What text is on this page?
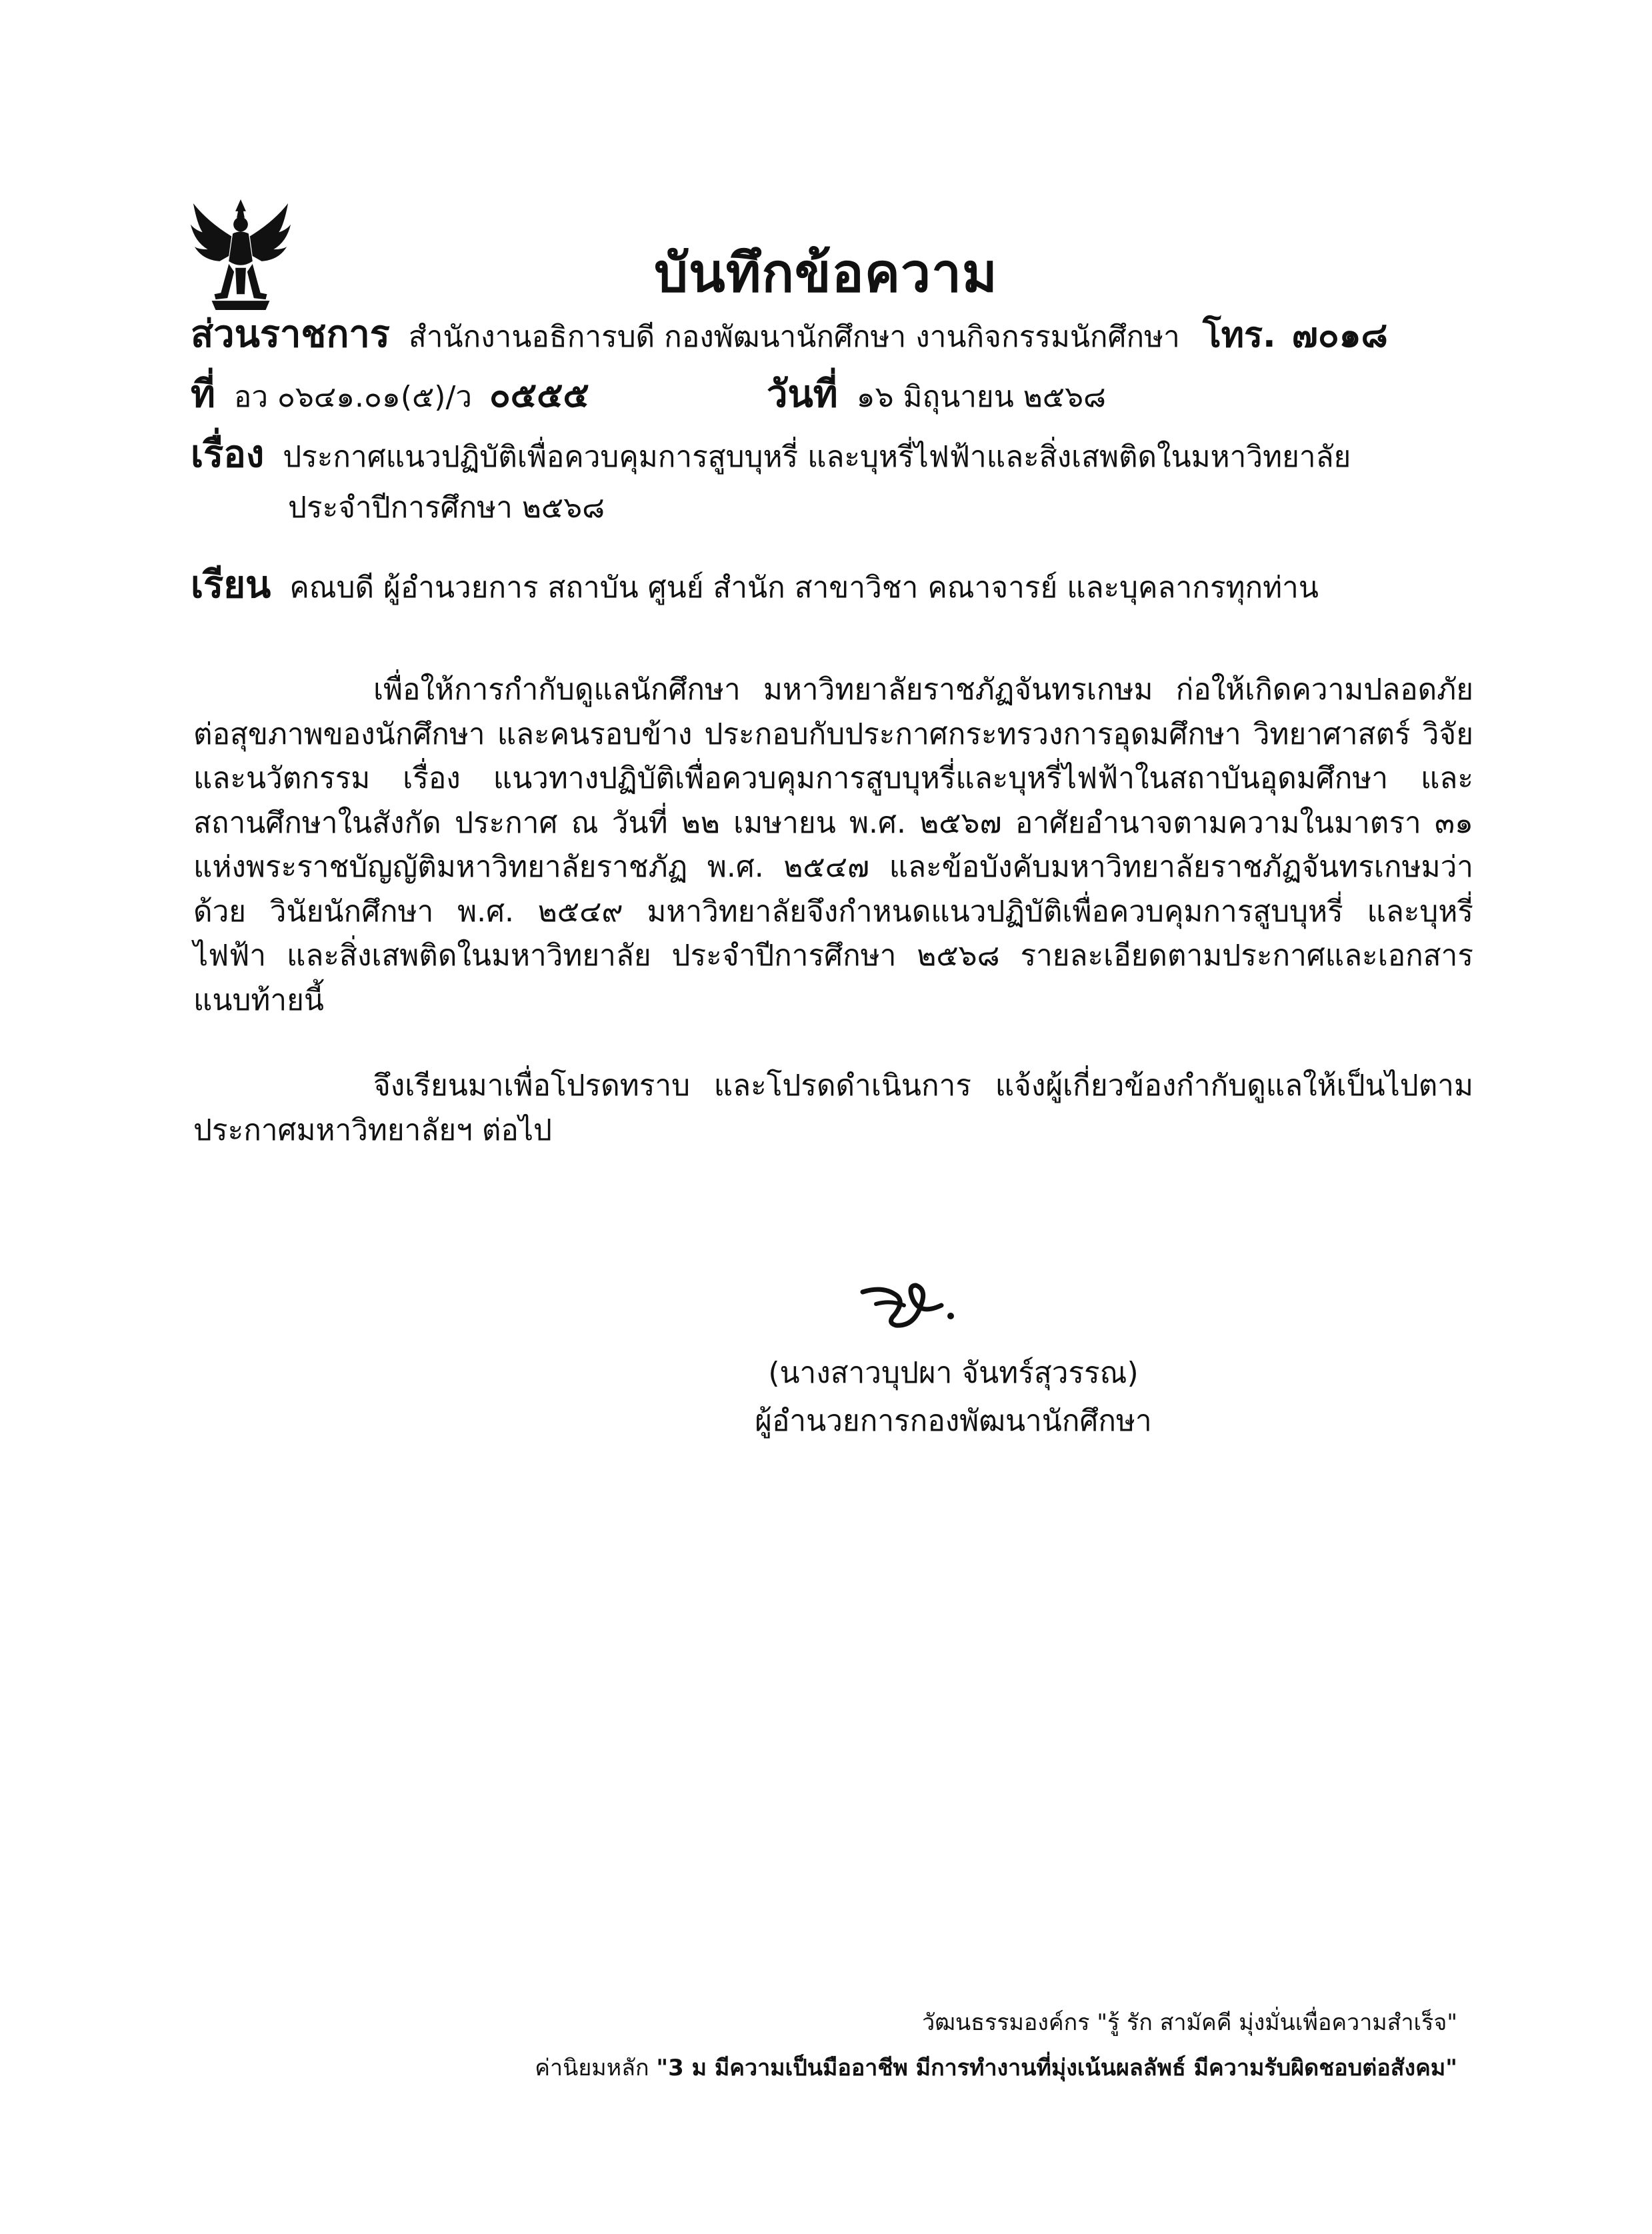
บันทึกข้อความ
ส่วนราชการ สำนักงานอธิการบดี กองพัฒนานักศึกษา งานกิจกรรมนักศึกษา โทร. ๗๐๑๘
ที่ อว ๐๖๔๑.๐๑(๕)/ว ๐๕๕๕	วันที่ ๑๖ มิถุนายน ๒๕๖๘
เรื่อง ประกาศแนวปฏิบัติเพื่อควบคุมการสูบบุหรี่ และบุหรี่ไฟฟ้าและสิ่งเสพติดในมหาวิทยาลัย
ประจำปีการศึกษา ๒๕๖๘
เรียน คณบดี ผู้อำนวยการ สถาบัน ศูนย์ สำนัก สาขาวิชา คณาจารย์ และบุคลากรทุกท่าน
เพื่อให้การกำกับดูแลนักศึกษา มหาวิทยาลัยราชภัฏจันทรเกษม ก่อให้เกิดความปลอดภัยต่อสุขภาพของนักศึกษา และคนรอบข้าง ประกอบกับประกาศกระทรวงการอุดมศึกษา วิทยาศาสตร์ วิจัย และนวัตกรรม เรื่อง แนวทางปฏิบัติเพื่อควบคุมการสูบบุหรี่และบุหรี่ไฟฟ้าในสถาบันอุดมศึกษา และสถานศึกษาในสังกัด ประกาศ ณ วันที่ ๒๒ เมษายน พ.ศ. ๒๕๖๗ อาศัยอำนาจตามความในมาตรา ๓๑ แห่งพระราชบัญญัติมหาวิทยาลัยราชภัฏ พ.ศ. ๒๕๔๗ และข้อบังคับมหาวิทยาลัยราชภัฏจันทรเกษมว่าด้วย วินัยนักศึกษา พ.ศ. ๒๕๔๙ มหาวิทยาลัยจึงกำหนดแนวปฏิบัติเพื่อควบคุมการสูบบุหรี่ และบุหรี่ไฟฟ้า และสิ่งเสพติดในมหาวิทยาลัย ประจำปีการศึกษา ๒๕๖๘ รายละเอียดตามประกาศและเอกสารแนบท้ายนี้
จึงเรียนมาเพื่อโปรดทราบ และโปรดดำเนินการ แจ้งผู้เกี่ยวข้องกำกับดูแลให้เป็นไปตามประกาศมหาวิทยาลัยฯ ต่อไป
(นางสาวบุปผา จันทร์สุวรรณ)
ผู้อำนวยการกองพัฒนานักศึกษา
วัฒนธรรมองค์กร "รู้ รัก สามัคคี มุ่งมั่นเพื่อความสำเร็จ"
ค่านิยมหลัก "3 ม มีความเป็นมืออาชีพ มีการทำงานที่มุ่งเน้นผลลัพธ์ มีความรับผิดชอบต่อสังคม"
